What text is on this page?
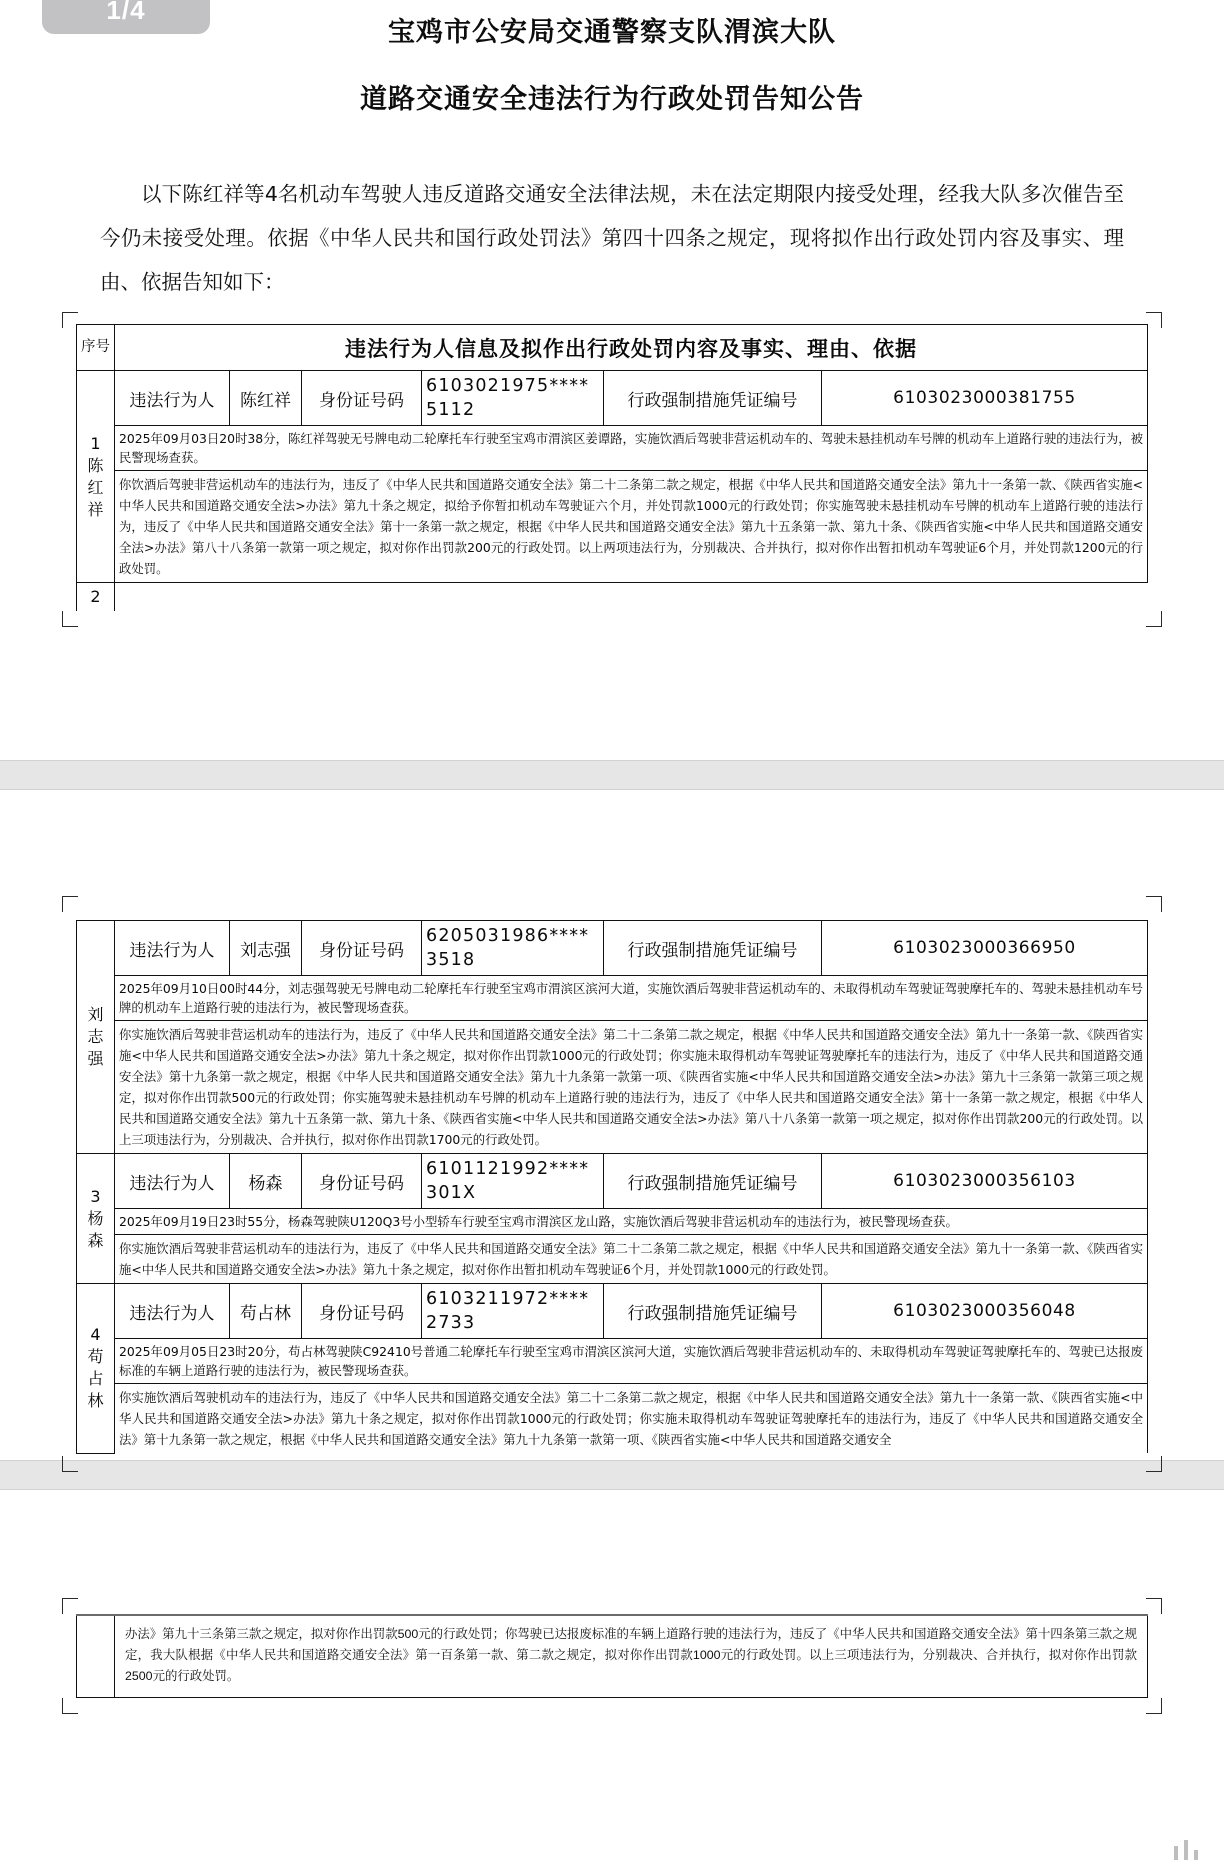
1/4
宝鸡市公安局交通警察支队渭滨大队
道路交通安全违法行为行政处罚告知公告

以下陈红祥等4名机动车驾驶人违反道路交通安全法律法规，未在法定期限内接受处理，经我大队多次催告至今仍未接受处理。依据《中华人民共和国行政处罚法》第四十四条之规定，现将拟作出行政处罚内容及事实、理由、依据告知如下：

序号	违法行为人信息及拟作出行政处罚内容及事实、理由、依据					

1
陈红祥	违法行为人	陈红祥	身份证号码	6103021975****5112	行政强制措施凭证编号	6103023000381755
	2025年09月03日20时38分，陈红祥驾驶无号牌电动二轮摩托车行驶至宝鸡市渭滨区姜谭路，实施饮酒后驾驶非营运机动车的、驾驶未悬挂机动车号牌的机动车上道路行驶的违法行为，被民警现场查获。					
	你饮酒后驾驶非营运机动车的违法行为，违反了《中华人民共和国道路交通安全法》第二十二条第二款之规定，根据《中华人民共和国道路交通安全法》第九十一条第一款、《陕西省实施<中华人民共和国道路交通安全法>办法》第九十条之规定，拟给予你暂扣机动车驾驶证六个月，并处罚款1000元的行政处罚；你实施驾驶未悬挂机动车号牌的机动车上道路行驶的违法行为，违反了《中华人民共和国道路交通安全法》第十一条第一款之规定，根据《中华人民共和国道路交通安全法》第九十五条第一款、第九十条、《陕西省实施<中华人民共和国道路交通安全法>办法》第八十八条第一款第一项之规定，拟对你作出罚款200元的行政处罚。以上两项违法行为，分别裁决、合并执行，拟对你作出暂扣机动车驾驶证6个月，并处罚款1200元的行政处罚。					
2						
刘志强	违法行为人	刘志强	身份证号码	6205031986****3518	行政强制措施凭证编号	6103023000366950
	2025年09月10日00时44分，刘志强驾驶无号牌电动二轮摩托车行驶至宝鸡市渭滨区滨河大道，实施饮酒后驾驶非营运机动车的、未取得机动车驾驶证驾驶摩托车的、驾驶未悬挂机动车号牌的机动车上道路行驶的违法行为，被民警现场查获。					
	你实施饮酒后驾驶非营运机动车的违法行为，违反了《中华人民共和国道路交通安全法》第二十二条第二款之规定，根据《中华人民共和国道路交通安全法》第九十一条第一款、《陕西省实施<中华人民共和国道路交通安全法>办法》第九十条之规定，拟对你作出罚款1000元的行政处罚；你实施未取得机动车驾驶证驾驶摩托车的违法行为，违反了《中华人民共和国道路交通安全法》第十九条第一款之规定，根据《中华人民共和国道路交通安全法》第九十九条第一款第一项、《陕西省实施<中华人民共和国道路交通安全法>办法》第九十三条第一款第三项之规定，拟对你作出罚款500元的行政处罚；你实施驾驶未悬挂机动车号牌的机动车上道路行驶的违法行为，违反了《中华人民共和国道路交通安全法》第十一条第一款之规定，根据《中华人民共和国道路交通安全法》第九十五条第一款、第九十条、《陕西省实施<中华人民共和国道路交通安全法>办法》第八十八条第一款第一项之规定，拟对你作出罚款200元的行政处罚。以上三项违法行为，分别裁决、合并执行，拟对你作出罚款1700元的行政处罚。					

3
杨森	违法行为人	杨森	身份证号码	6101121992****301X	行政强制措施凭证编号	6103023000356103
	2025年09月19日23时55分，杨森驾驶陕U120Q3号小型轿车行驶至宝鸡市渭滨区龙山路，实施饮酒后驾驶非营运机动车的违法行为，被民警现场查获。					
	你实施饮酒后驾驶非营运机动车的违法行为，违反了《中华人民共和国道路交通安全法》第二十二条第二款之规定，根据《中华人民共和国道路交通安全法》第九十一条第一款、《陕西省实施<中华人民共和国道路交通安全法>办法》第九十条之规定，拟对你作出暂扣机动车驾驶证6个月，并处罚款1000元的行政处罚。					

4
苟占林	违法行为人	苟占林	身份证号码	6103211972****2733	行政强制措施凭证编号	6103023000356048
	2025年09月05日23时20分，苟占林驾驶陕C92410号普通二轮摩托车行驶至宝鸡市渭滨区滨河大道，实施饮酒后驾驶非营运机动车的、未取得机动车驾驶证驾驶摩托车的、驾驶已达报废标准的车辆上道路行驶的违法行为，被民警现场查获。					
	你实施饮酒后驾驶机动车的违法行为，违反了《中华人民共和国道路交通安全法》第二十二条第二款之规定，根据《中华人民共和国道路交通安全法》第九十一条第一款、《陕西省实施<中华人民共和国道路交通安全法>办法》第九十条之规定，拟对你作出罚款1000元的行政处罚；你实施未取得机动车驾驶证驾驶摩托车的违法行为，违反了《中华人民共和国道路交通安全法》第十九条第一款之规定，根据《中华人民共和国道路交通安全法》第九十九条第一款第一项、《陕西省实施<中华人民共和国道路交通安全					
	办法》第九十三条第三款之规定，拟对你作出罚款500元的行政处罚；你驾驶已达报废标准的车辆上道路行驶的违法行为，违反了《中华人民共和国道路交通安全法》第十四条第三款之规定，我大队根据《中华人民共和国道路交通安全法》第一百条第一款、第二款之规定，拟对你作出罚款1000元的行政处罚。以上三项违法行为，分别裁决、合并执行，拟对你作出罚款2500元的行政处罚。
